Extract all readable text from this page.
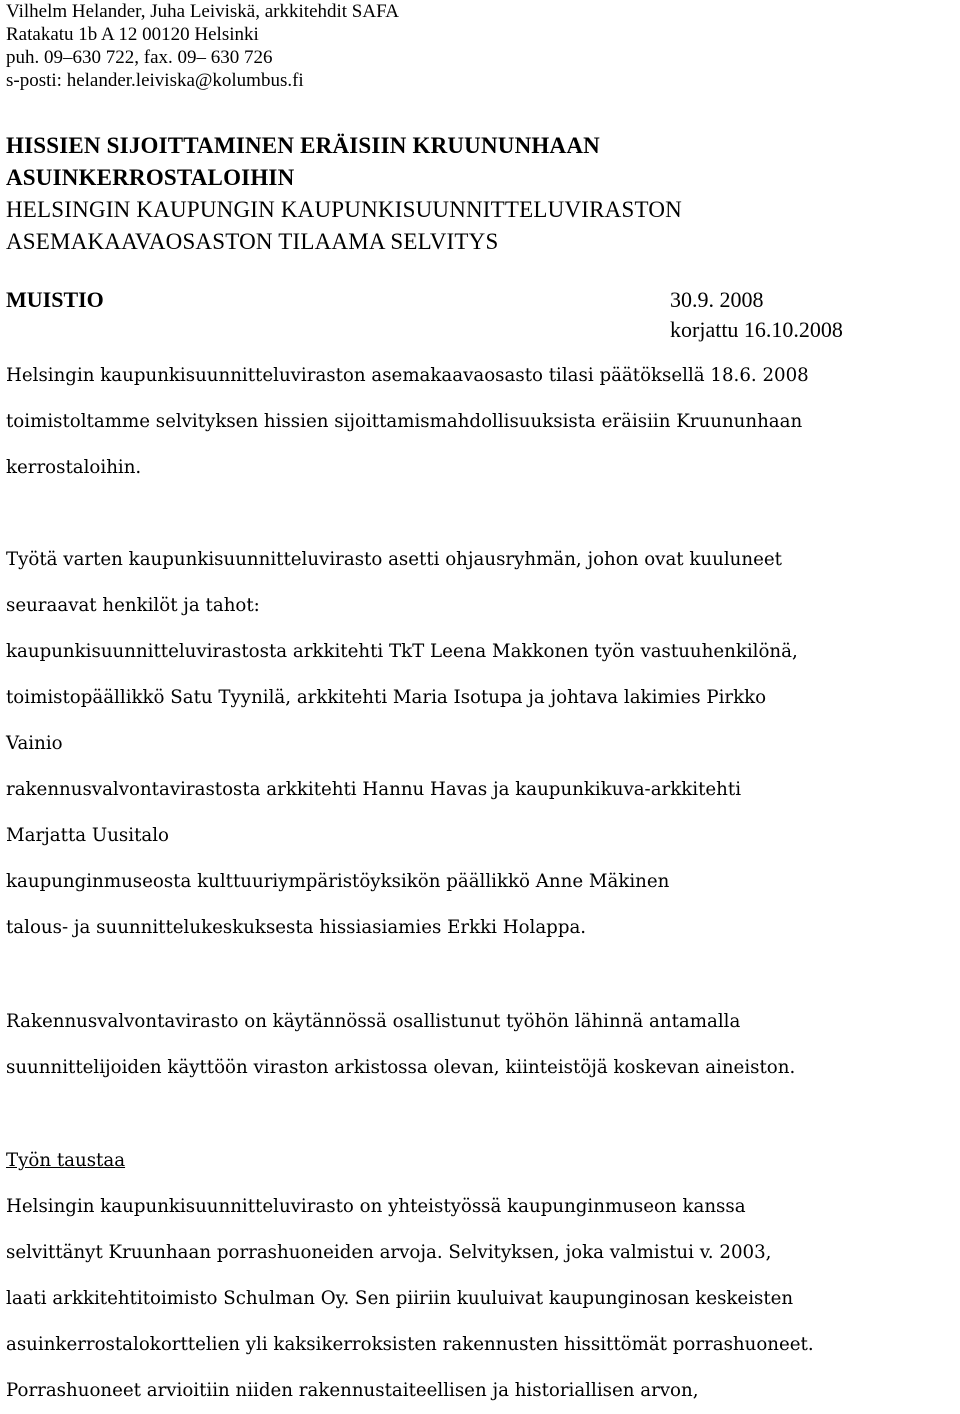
Vilhelm Helander, Juha Leiviskä, arkkitehdit SAFA
Ratakatu 1b A 12 00120 Helsinki
puh. 09–630 722, fax. 09– 630 726
s-posti: helander.leiviska@kolumbus.fi
HISSIEN SIJOITTAMINEN ERÄISIIN KRUUNUNHAAN
ASUINKERROSTALOIHIN
HELSINGIN KAUPUNGIN KAUPUNKISUUNNITTELUVIRASTON
ASEMAKAAVAOSASTON TILAAMA SELVITYS
MUISTIO	30.9. 2008
korjattu 16.10.2008
Helsingin kaupunkisuunnitteluviraston asemakaavaosasto tilasi päätöksellä 18.6. 2008
toimistoltamme selvityksen hissien sijoittamismahdollisuuksista eräisiin Kruununhaan
kerrostaloihin.
Työtä varten kaupunkisuunnitteluvirasto asetti ohjausryhmän, johon ovat kuuluneet
seuraavat henkilöt ja tahot:
kaupunkisuunnitteluvirastosta arkkitehti TkT Leena Makkonen työn vastuuhenkilönä,
toimistopäällikkö Satu Tyynilä, arkkitehti Maria Isotupa ja johtava lakimies Pirkko
Vainio
rakennusvalvontavirastosta arkkitehti Hannu Havas ja kaupunkikuva-arkkitehti
Marjatta Uusitalo
kaupunginmuseosta kulttuuriympäristöyksikön päällikkö Anne Mäkinen
talous- ja suunnittelukeskuksesta hissiasiamies Erkki Holappa.
Rakennusvalvontavirasto on käytännössä osallistunut työhön lähinnä antamalla
suunnittelijoiden käyttöön viraston arkistossa olevan, kiinteistöjä koskevan aineiston.
Työn taustaa
Helsingin kaupunkisuunnitteluvirasto on yhteistyössä kaupunginmuseon kanssa
selvittänyt Kruunhaan porrashuoneiden arvoja. Selvityksen, joka valmistui v. 2003,
laati arkkitehtitoimisto Schulman Oy. Sen piiriin kuuluivat kaupunginosan keskeisten
asuinkerrostalokorttelien yli kaksikerroksisten rakennusten hissittömät porrashuoneet.
Porrashuoneet arvioitiin niiden rakennustaiteellisen ja historiallisen arvon,
